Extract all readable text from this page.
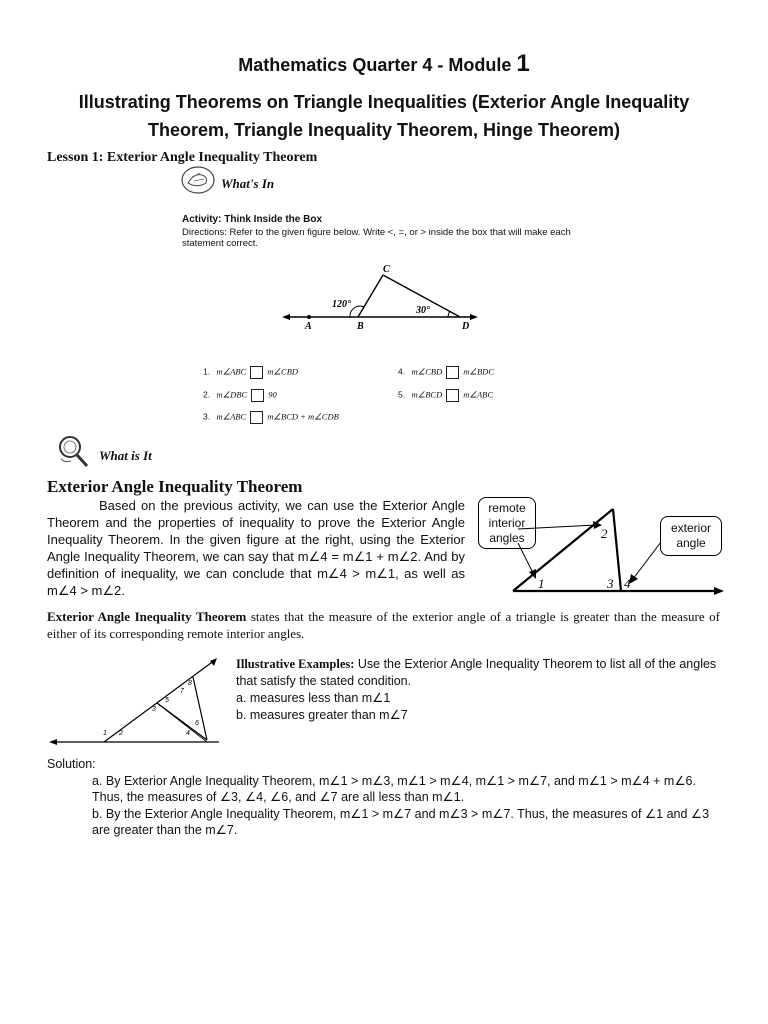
Mathematics Quarter 4 - Module 1
Illustrating Theorems on Triangle Inequalities (Exterior Angle Inequality Theorem, Triangle Inequality Theorem, Hinge Theorem)
Lesson 1: Exterior Angle Inequality Theorem
What's In
Activity: Think Inside the Box
Directions: Refer to the given figure below. Write <, =, or > inside the box that will make each statement correct.
C
A	B	D
120°
30°
1. m∠ABC m∠CBD
2. m∠DBC 90
3. m∠ABC m∠BCD + m∠CDB
4. m∠CBD m∠BDC
5. m∠BCD m∠ABC
What is It
Exterior Angle Inequality Theorem
Based on the previous activity, we can use the Exterior Angle Theorem and the properties of inequality to prove the Exterior Angle Inequality Theorem. In the given figure at the right, using the Exterior Angle Inequality Theorem, we can say that m∠4 = m∠1 + m∠2. And by definition of inequality, we can conclude that m∠4 > m∠1, as well as m∠4 > m∠2.
remote interior angles
exterior angle
1
2
3 4
Exterior Angle Inequality Theorem states that the measure of the exterior angle of a triangle is greater than the measure of either of its corresponding remote interior angles.
1 2
3
4
5
6
7
8
Illustrative Examples: Use the Exterior Angle Inequality Theorem to list all of the angles that satisfy the stated condition.
a. measures less than m∠1
b. measures greater than m∠7
Solution:
a. By Exterior Angle Inequality Theorem, m∠1 > m∠3, m∠1 > m∠4, m∠1 > m∠7, and m∠1 > m∠4 + m∠6. Thus, the measures of ∠3, ∠4, ∠6, and ∠7 are all less than m∠1.
b. By the Exterior Angle Inequality Theorem, m∠1 > m∠7 and m∠3 > m∠7. Thus, the measures of ∠1 and ∠3 are greater than the m∠7.
